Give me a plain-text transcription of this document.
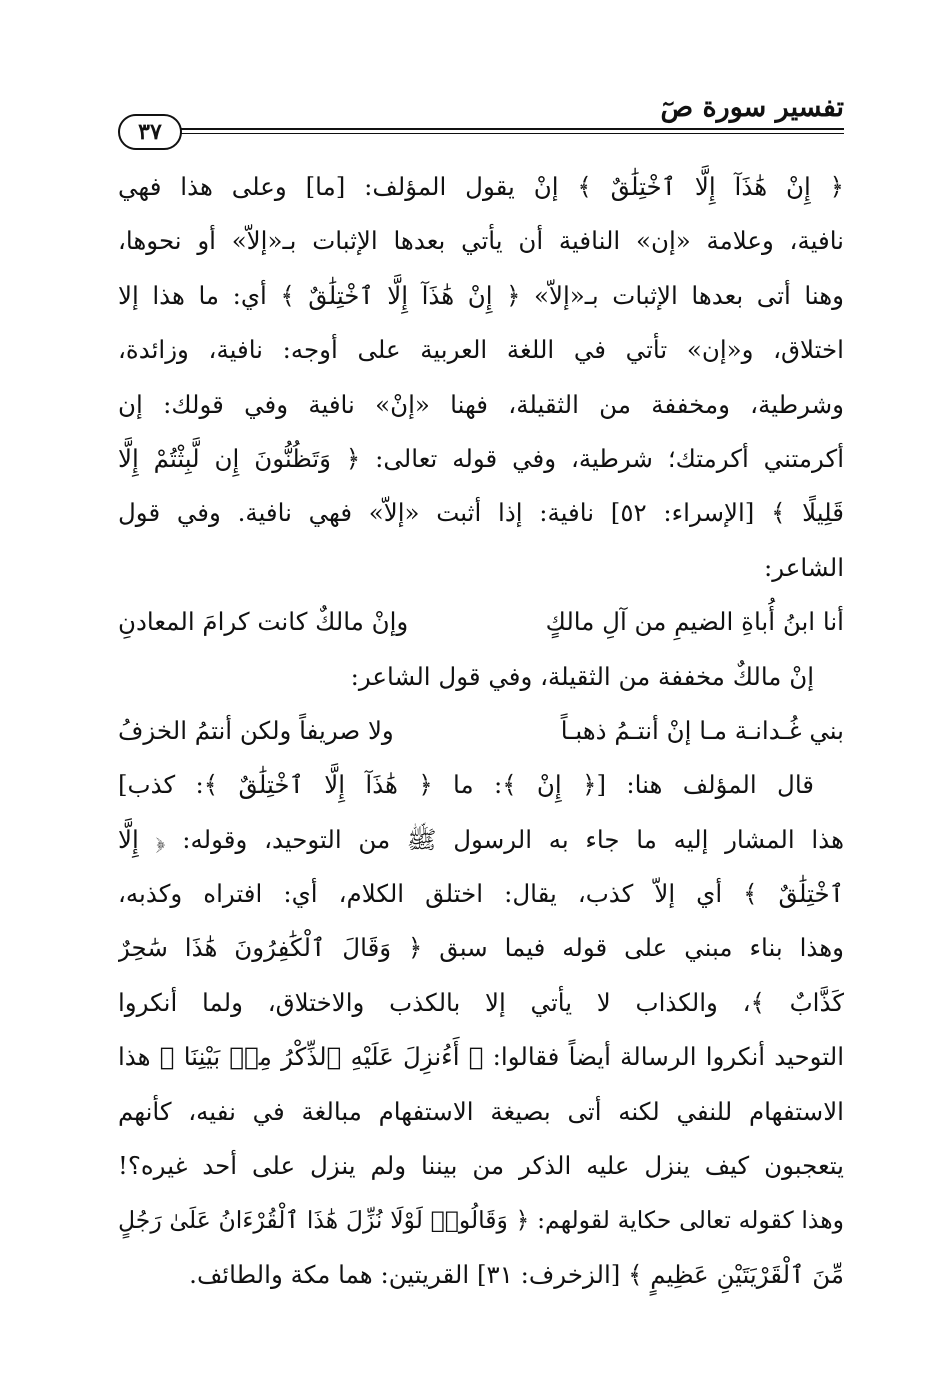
تفسير سورة صٓ
٣٧
﴿ إِنْ هَٰذَآ إِلَّا ٱخْتِلَٰقٌ ﴾ إنْ يقول المؤلف: [ما] وعلى هذا فهي
نافية، وعلامة «إن» النافية أن يأتي بعدها الإثبات بـ«إلاّ» أو نحوها،
وهنا أتى بعدها الإثبات بـ«إلاّ» ﴿ إِنْ هَٰذَآ إِلَّا ٱخْتِلَٰقٌ ﴾ أي: ما هذا إلا
اختلاق، و«إن» تأتي في اللغة العربية على أوجه: نافية، وزائدة،
وشرطية، ومخففة من الثقيلة، فهنا «إنْ» نافية وفي قولك: إن
أكرمتني أكرمتك؛ شرطية، وفي قوله تعالى: ﴿ وَتَظُنُّونَ إِن لَّبِثْتُمْ إِلَّا
قَلِيلًا ﴾ [الإسراء: ٥٢] نافية: إذا أثبت «إلاّ» فهي نافية. وفي قول
الشاعر:
أنا ابنُ أُباةِ الضيمِ من آلِ مالكٍ
وإنْ مالكٌ كانت كرامَ المعادنِ
إنْ مالكٌ مخففة من الثقيلة، وفي قول الشاعر:
بني غُـدانـة مـا إنْ أنتـمُ ذهبـاً
ولا صريفاً ولكن أنتمُ الخزفُ
قال المؤلف هنا: [﴿ إِنْ ﴾: ما ﴿ هَٰذَآ إِلَّا ٱخْتِلَٰقٌ ﴾: كذب]
هذا المشار إليه ما جاء به الرسول ﷺ من التوحيد، وقوله: ﴿ إِلَّا
ٱخْتِلَٰقٌ ﴾ أي إلاّ كذب، يقال: اختلق الكلام، أي: افتراه وكذبه،
وهذا بناء مبني على قوله فيما سبق ﴿ وَقَالَ ٱلْكَٰفِرُونَ هَٰذَا سَٰحِرٌ
كَذَّابٌ ﴾، والكذاب لا يأتي إلا بالكذب والاختلاق، ولما أنكروا
التوحيد أنكروا الرسالة أيضاً فقالوا: ﴿ أَءُنزِلَ عَلَيْهِ ٱلذِّكْرُ مِنۢ بَيْنِنَا ﴾ هذا
الاستفهام للنفي لكنه أتى بصيغة الاستفهام مبالغة في نفيه، كأنهم
يتعجبون كيف ينزل عليه الذكر من بيننا ولم ينزل على أحد غيره؟!
وهذا كقوله تعالى حكاية لقولهم: ﴿ وَقَالُوا۟ لَوْلَا نُزِّلَ هَٰذَا ٱلْقُرْءَانُ عَلَىٰ رَجُلٍ
مِّنَ ٱلْقَرْيَتَيْنِ عَظِيمٍ ﴾ [الزخرف: ٣١] القريتين: هما مكة والطائف.
